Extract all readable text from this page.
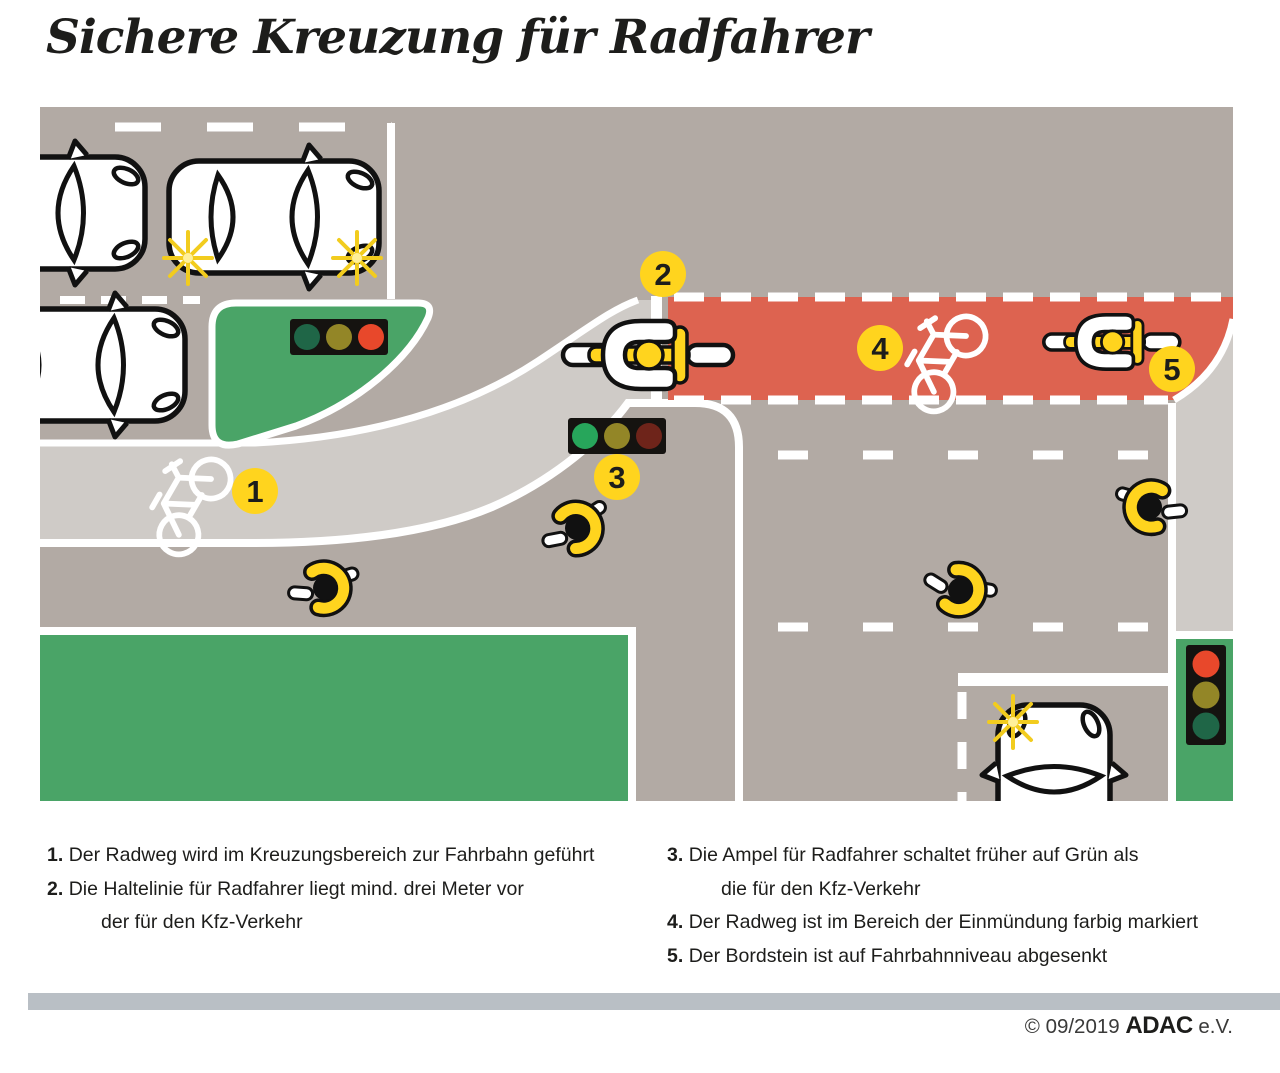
Sichere Kreuzung für Radfahrer
1
2
3
4
5
1. Der Radweg wird im Kreuzungsbereich zur Fahrbahn geführt
2. Die Haltelinie für Radfahrer liegt mind. drei Meter vor
der für den Kfz-Verkehr
3. Die Ampel für Radfahrer schaltet früher auf Grün als
die für den Kfz-Verkehr
4. Der Radweg ist im Bereich der Einmündung farbig markiert
5. Der Bordstein ist auf Fahrbahnniveau abgesenkt
© 09/2019 ADAC e.V.
